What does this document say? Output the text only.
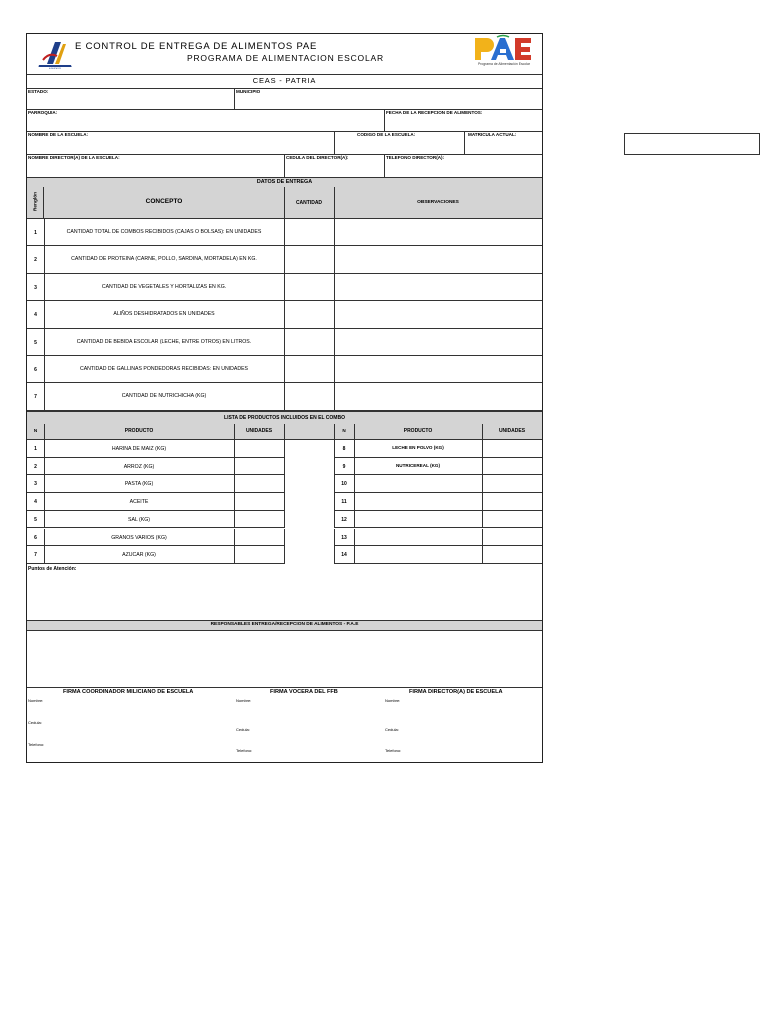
MINISTERIO DEL PODER POPULAR PARA LA ALIMENTACIÓN
E CONTROL DE ENTREGA DE ALIMENTOS PAE
PROGRAMA DE ALIMENTACION ESCOLAR
Programa de Alimentación Escolar
CEAS - PATRIA
ESTADO:	MUNICIPIO
PARROQUIA:	FECHA DE LA RECEPCION DE ALIMENTOS:
NOMBRE DE LA ESCUELA:	CODIGO DE LA ESCUELA:	MATRICULA ACTUAL:
NOMBRE DIRECTOR(A) DE LA ESCUELA:	CEDULA DEL DIRECTOR(A):	TELEFONO DIRECTOR(A):
DATOS DE ENTREGA
Renglón	CONCEPTO	CANTIDAD	OBSERVACIONES
1	CANTIDAD TOTAL DE COMBOS RECIBIDOS (CAJAS O BOLSAS): EN UNIDADES
2	CANTIDAD DE PROTEINA (CARNE, POLLO, SARDINA, MORTADELA) EN KG.
3	CANTIDAD DE VEGETALES Y HORTALIZAS EN KG.
4	ALIÑOS DESHIDRATADOS EN UNIDADES
5	CANTIDAD DE BEBIDA ESCOLAR (LECHE, ENTRE OTROS) EN LITROS.
6	CANTIDAD DE GALLINAS PONDEDORAS RECIBIDAS: EN UNIDADES
7	CANTIDAD DE NUTRICHICHA (KG)
LISTA DE PRODUCTOS INCLUIDOS EN EL COMBO
N	PRODUCTO	UNIDADES	N	PRODUCTO	UNIDADES
1	HARINA DE MAIZ (KG)	8	LECHE EN POLVO (KG)
2	ARROZ (KG)	9	NUTRICEREAL (KG)
3	PASTA (KG)	10
4	ACEITE	11
5	SAL (KG)	12
6	GRANOS VARIOS (KG)	13
7	AZUCAR (KG)	14
Puntos de Atención:
RESPONSABLES ENTREGA/RECEPCION DE ALIMENTOS - P.A.E
FIRMA COORDINADOR MILICIANO DE ESCUELA	FIRMA VOCERA DEL FFB	FIRMA DIRECTOR(A) DE ESCUELA
Nombre:
Cedula:
Telefono:
Nombre:
Cedula:
Telefono:
Nombre:
Cedula:
Telefono:
